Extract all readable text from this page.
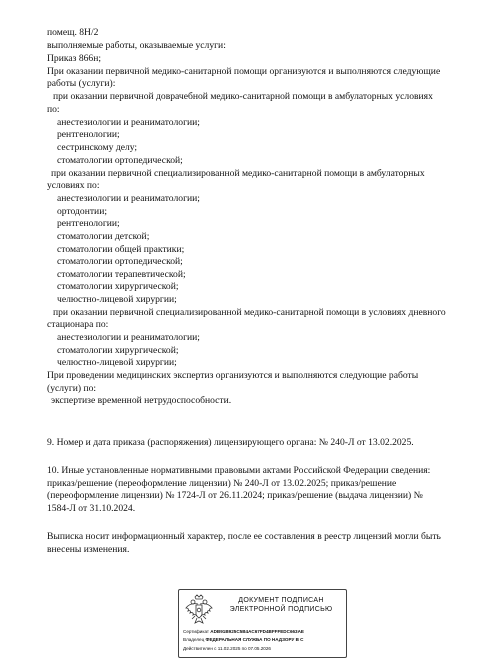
помещ. 8Н/2
выполняемые работы, оказываемые услуги:
Приказ 866н;
При оказании первичной медико-санитарной помощи организуются и выполняются следующие
работы (услуги):
при оказании первичной доврачебной медико-санитарной помощи в амбулаторных условиях
по:
анестезиологии и реаниматологии;
рентгенологии;
сестринскому делу;
стоматологии ортопедической;
при оказании первичной специализированной медико-санитарной помощи в амбулаторных
условиях по:
анестезиологии и реаниматологии;
ортодонтии;
рентгенологии;
стоматологии детской;
стоматологии общей практики;
стоматологии ортопедической;
стоматологии терапевтической;
стоматологии хирургической;
челюстно-лицевой хирургии;
при оказании первичной специализированной медико-санитарной помощи в условиях дневного
стационара по:
анестезиологии и реаниматологии;
стоматологии хирургической;
челюстно-лицевой хирургии;
При проведении медицинских экспертиз организуются и выполняются следующие работы
(услуги) по:
экспертизе временной нетрудоспособности.
9. Номер и дата приказа (распоряжения) лицензирующего органа: № 240-Л от 13.02.2025.
10. Иные установленные нормативными правовыми актами Российской Федерации сведения:
приказ/решение (переоформление лицензии) № 240-Л от 13.02.2025; приказ/решение
(переоформление лицензии) № 1724-Л от 26.11.2024; приказ/решение (выдача лицензии) №
1584-Л от 31.10.2024.
Выписка носит информационный характер, после ее составления в реестр лицензий могли быть
внесены изменения.
ДОКУМЕНТ ПОДПИСАН
ЭЛЕКТРОННОЙ ПОДПИСЬЮ
Сертификат ADB91B925C5B4AC67FD4BFFFEDC663AE
Владелец ФЕДЕРАЛЬНАЯ СЛУЖБА ПО НАДЗОРУ В С
Действителен с 11.02.2025 по 07.05.2026
